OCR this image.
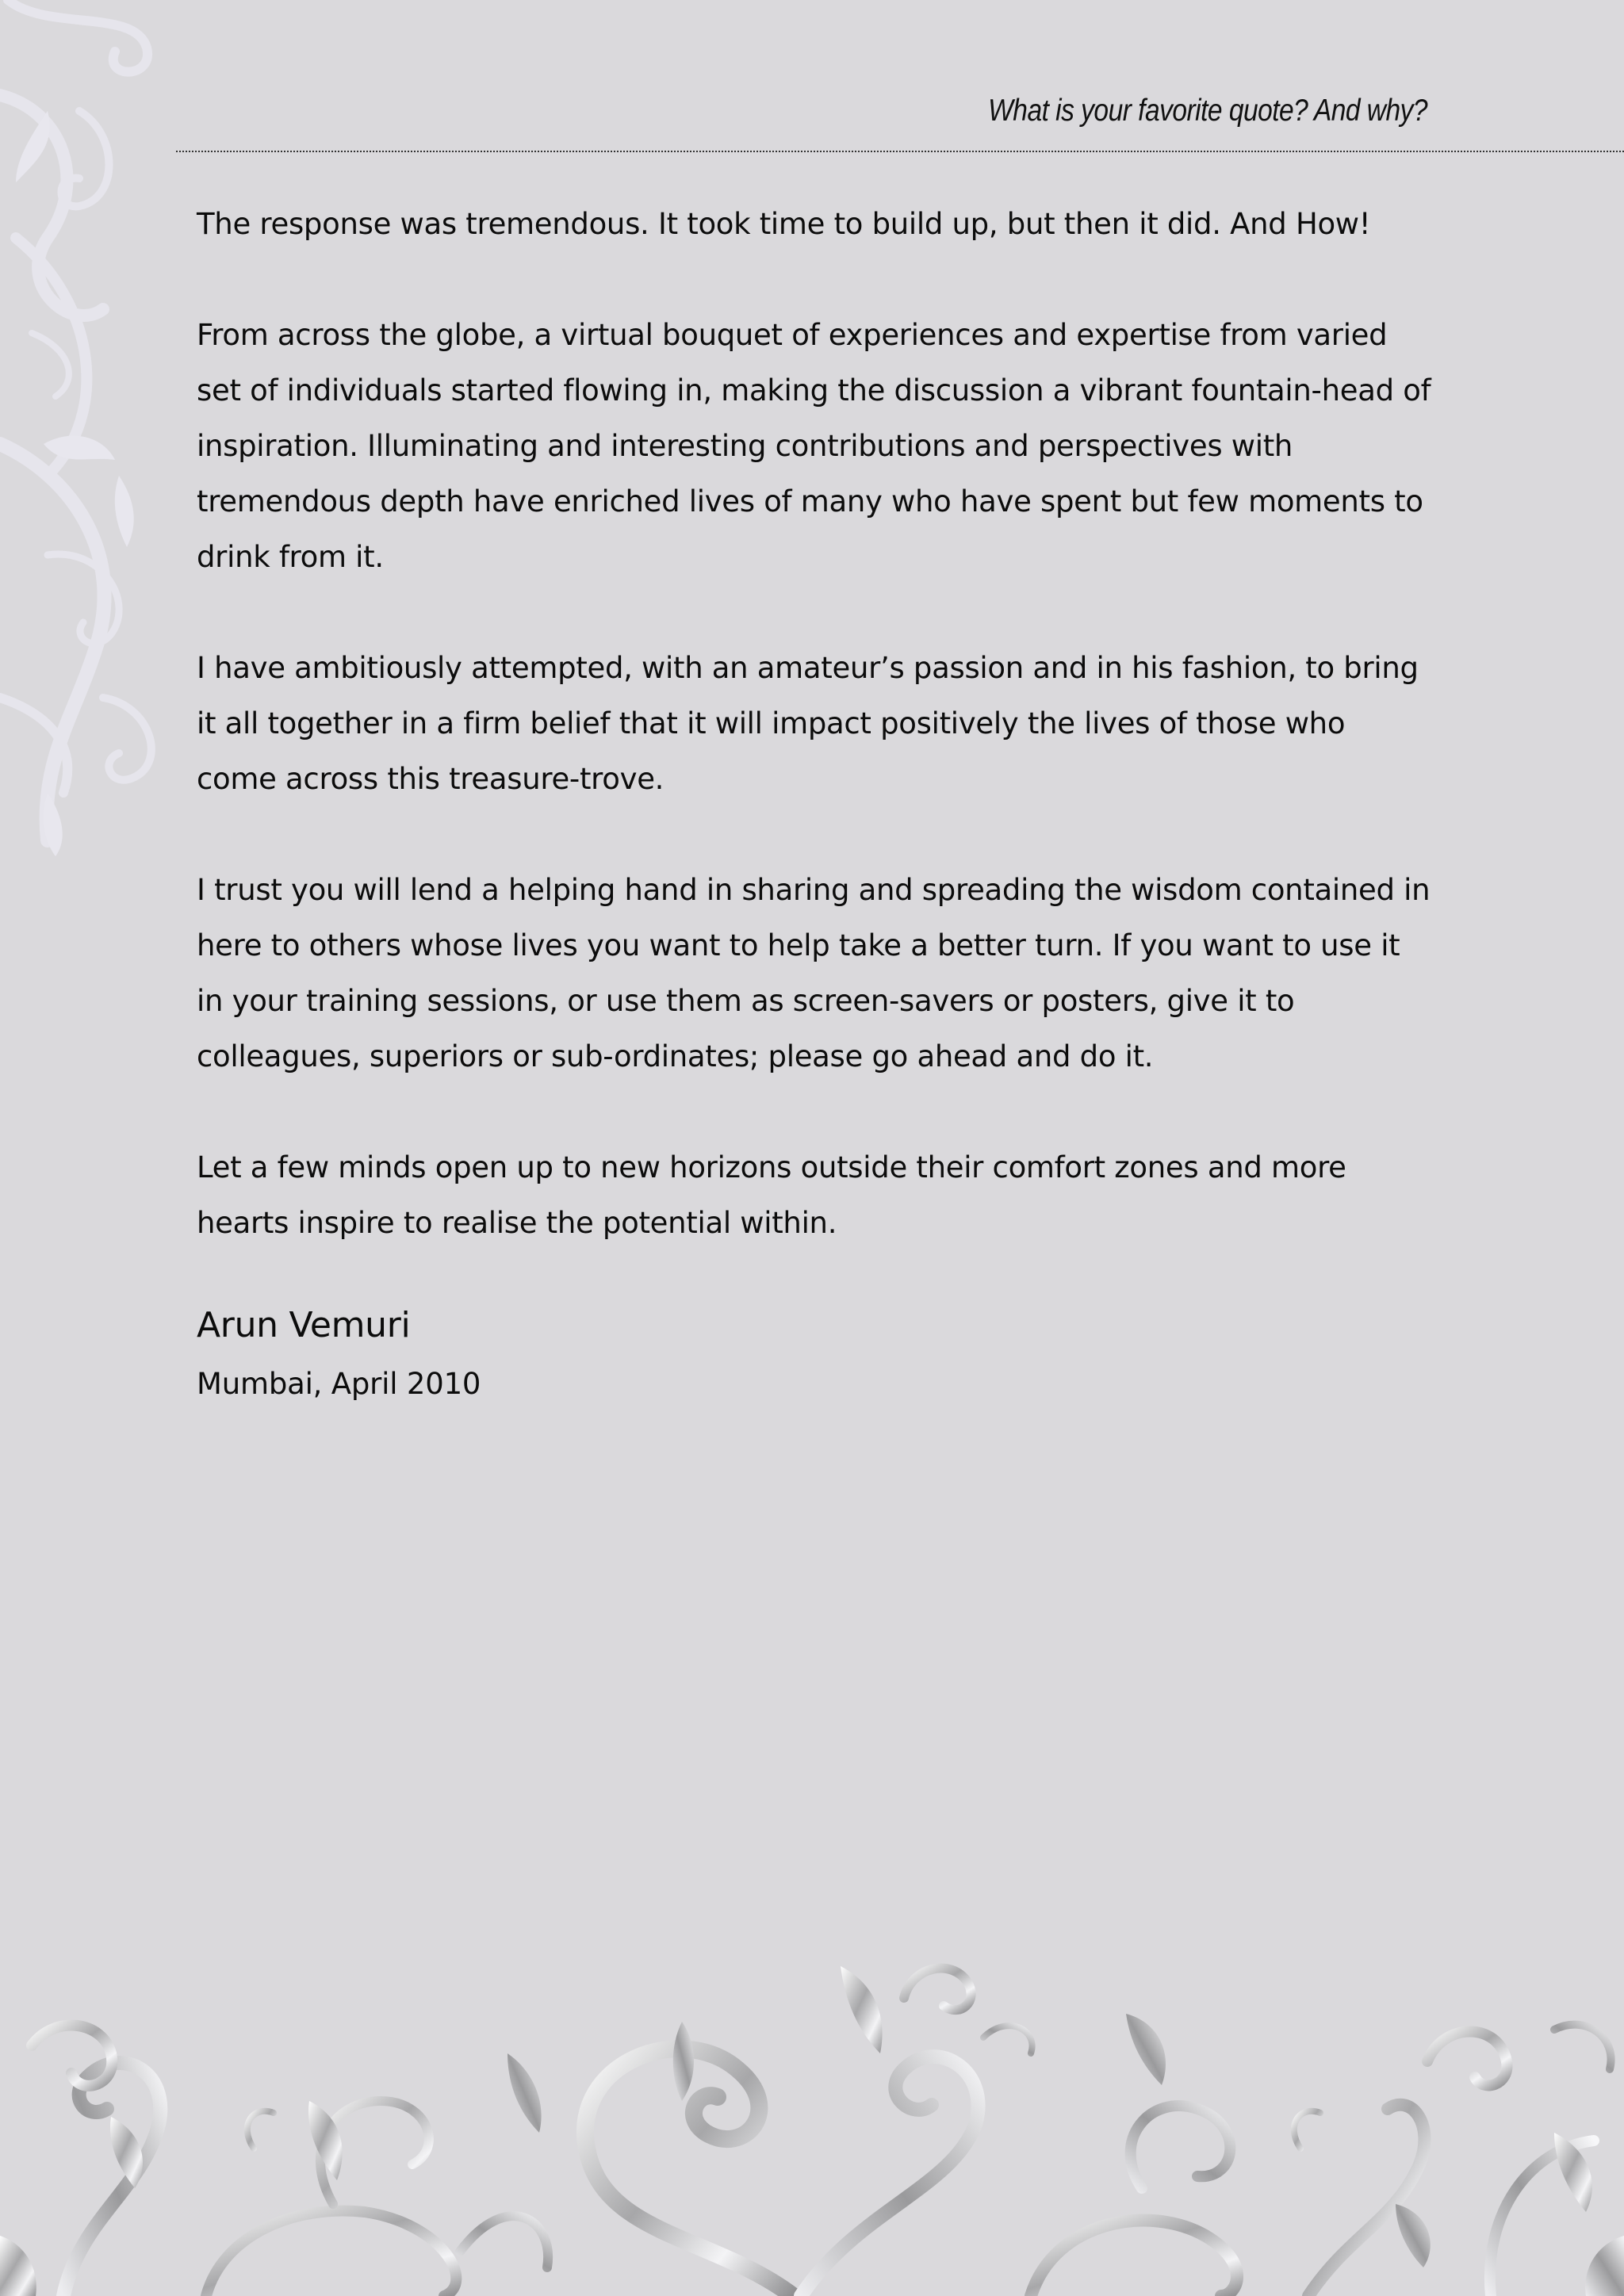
What is your favorite quote? And why?

The response was tremendous. It took time to build up, but then it did. And How!

From across the globe, a virtual bouquet of experiences and expertise from varied set of individuals started flowing in, making the discussion a vibrant fountain-head of inspiration. Illuminating and interesting contributions and perspectives with tremendous depth have enriched lives of many who have spent but few moments to drink from it.

I have ambitiously attempted, with an amateur’s passion and in his fashion, to bring it all together in a firm belief that it will impact positively the lives of those who come across this treasure-trove.

I trust you will lend a helping hand in sharing and spreading the wisdom contained in here to others whose lives you want to help take a better turn. If you want to use it in your training sessions, or use them as screen-savers or posters, give it to colleagues, superiors or sub-ordinates; please go ahead and do it.

Let a few minds open up to new horizons outside their comfort zones and more hearts inspire to realise the potential within.

Arun Vemuri
Mumbai, April 2010
